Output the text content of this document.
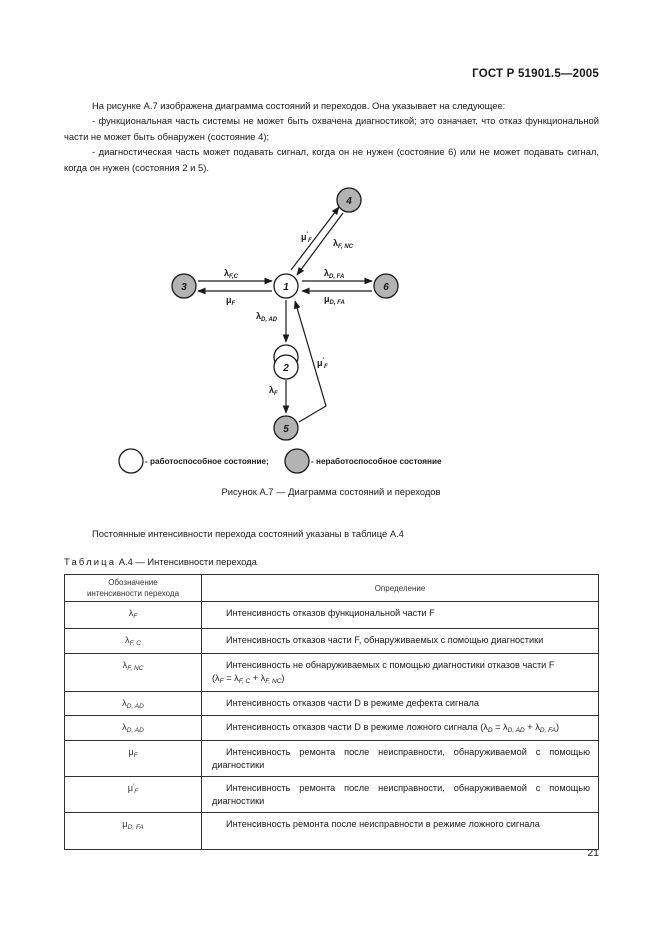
ГОСТ Р 51901.5—2005

На рисунке А.7 изображена диаграмма состояний и переходов. Она указывает на следующее:

- функциональная часть системы не может быть охвачена диагностикой; это означает, что отказ функциональной части не может быть обнаружен (состояние 4);

- диагностическая часть может подавать сигнал, когда он не нужен (состояние 6) или не может подавать сигнал, когда он нужен (состояния 2 и 5).

4
3	1	6
2
5
$\lambda_{F,C}$
$\mu_F$
$\lambda_{D, FA}$
$\mu_{D, FA}$
$\mu'_F$ $\lambda_{F, NC}$
$\lambda_{D, AD}$
$\lambda_F$
$\mu'_F$
- работоспособное состояние;	- неработоспособное состояние
Рисунок А.7 — Диаграмма состояний и переходов
Постоянные интенсивности перехода состояний указаны в таблице А.4
Таблица А.4 — Интенсивности перехода
Обозначение
интенсивности перехода	Определение
$\lambda_F$	Интенсивность отказов функциональной части F
$\lambda_{F, C}$	Интенсивность отказов части F, обнаруживаемых с помощью диагностики
$\lambda_{F, NC}$	Интенсивность не обнаруживаемых с помощью диагностики отказов части F
$(\lambda_F = \lambda_{F, C} + \lambda_{F, NC})$

$\lambda_{D, AD}$	Интенсивность отказов части D в режиме дефекта сигнала
$\lambda_{D, AD}$	Интенсивность отказов части D в режиме ложного сигнала $(\lambda_D = \lambda_{D, AD} + \lambda_{D, FA})$
$\mu_F$	Интенсивность ремонта после неисправности, обнаруживаемой с помощью диагностики
$\mu'_F$	Интенсивность ремонта после неисправности, обнаруживаемой с помощью диагностики
$\mu_{D, FA}$	Интенсивность ремонта после неисправности в режиме ложного сигнала
21
